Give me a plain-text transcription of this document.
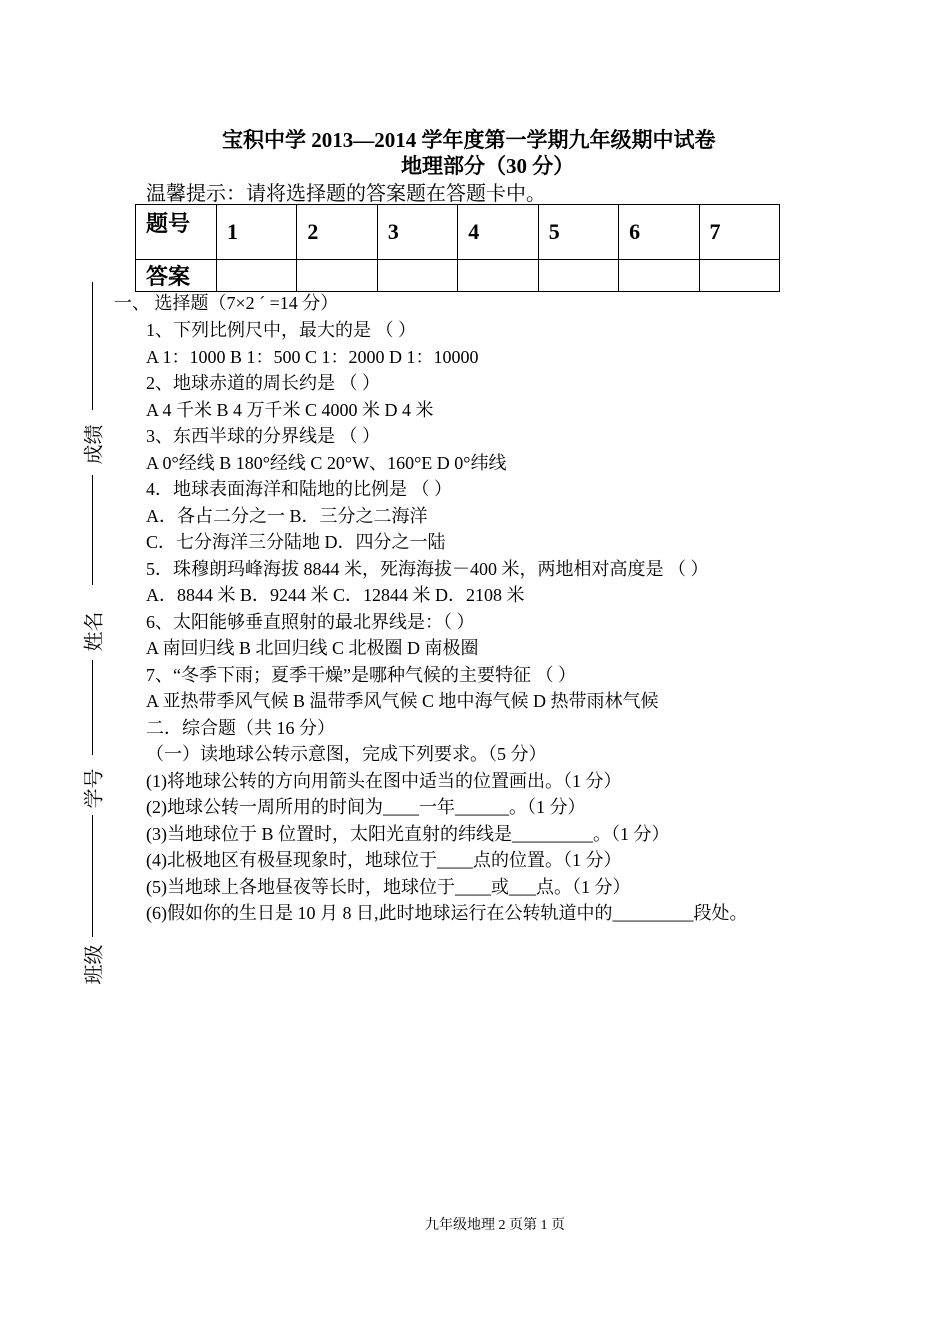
宝积中学 2013—2014 学年度第一学期九年级期中试卷
地理部分（30 分）
温馨提示：请将选择题的答案题在答题卡中。
题号	1	2	3	4	5	6	7
答案							
成绩
姓名
学号
班级
一、 选择题（7×2 ´ =14 分）
1、下列比例尺中，最大的是 （ ）
A 1：1000 B 1：500 C 1：2000 D 1：10000
2、地球赤道的周长约是 （ ）
A 4 千米 B 4 万千米 C 4000 米 D 4 米
3、东西半球的分界线是 （ ）
A 0°经线 B 180°经线 C 20°W、160°E D 0°纬线
4．地球表面海洋和陆地的比例是 （ ）
A．各占二分之一 B．三分之二海洋
C．七分海洋三分陆地 D．四分之一陆
5．珠穆朗玛峰海拔 8844 米，死海海拔－400 米，两地相对高度是 （ ）
A．8844 米 B．9244 米 C．12844 米 D．2108 米
6、太阳能够垂直照射的最北界线是：（ ）
A 南回归线 B 北回归线 C 北极圈 D 南极圈
7、“冬季下雨；夏季干燥”是哪种气候的主要特征 （ ）
A 亚热带季风气候 B 温带季风气候 C 地中海气候 D 热带雨林气候
二．综合题（共 16 分）
（一）读地球公转示意图，完成下列要求。（5 分）
(1)将地球公转的方向用箭头在图中适当的位置画出。（1 分）
(2)地球公转一周所用的时间为____一年______。（1 分）
(3)当地球位于 B 位置时，太阳光直射的纬线是_________。（1 分）
(4)北极地区有极昼现象时，地球位于____点的位置。（1 分）
(5)当地球上各地昼夜等长时，地球位于____或___点。（1 分）
(6)假如你的生日是 10 月 8 日,此时地球运行在公转轨道中的_________段处。
九年级地理 2 页第 1 页
